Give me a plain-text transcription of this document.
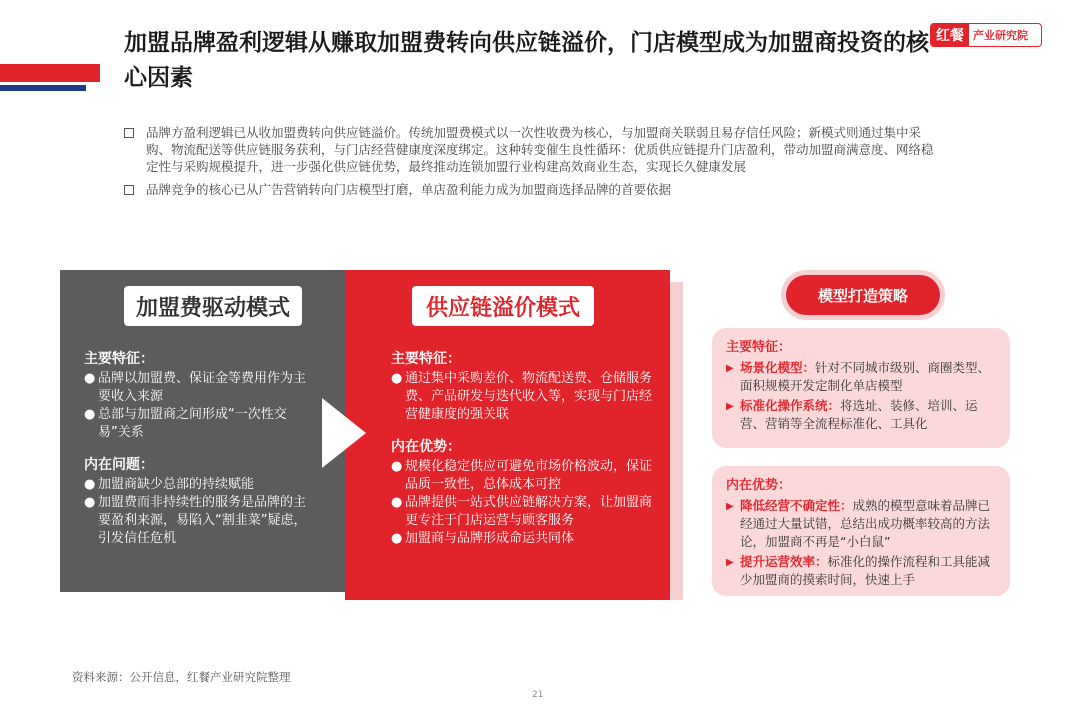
加盟品牌盈利逻辑从赚取加盟费转向供应链溢价，门店模型成为加盟商投资的核心因素
红餐 产业研究院
品牌方盈利逻辑已从收加盟费转向供应链溢价。传统加盟费模式以一次性收费为核心，与加盟商关联弱且易存信任风险；新模式则通过集中采购、物流配送等供应链服务获利，与门店经营健康度深度绑定。这种转变催生良性循环：优质供应链提升门店盈利，带动加盟商满意度、网络稳定性与采购规模提升，进一步强化供应链优势，最终推动连锁加盟行业构建高效商业生态，实现长久健康发展
品牌竞争的核心已从广告营销转向门店模型打磨，单店盈利能力成为加盟商选择品牌的首要依据
加盟费驱动模式	供应链溢价模式
主要特征：
● 品牌以加盟费、保证金等费用作为主要收入来源
● 总部与加盟商之间形成“一次性交易”关系
内在问题：
● 加盟商缺少总部的持续赋能
● 加盟费而非持续性的服务是品牌的主要盈利来源，易陷入“割韭菜”疑虑，引发信任危机
主要特征：
● 通过集中采购差价、物流配送费、仓储服务费、产品研发与迭代收入等，实现与门店经营健康度的强关联
内在优势：
● 规模化稳定供应可避免市场价格波动，保证品质一致性，总体成本可控
● 品牌提供一站式供应链解决方案，让加盟商更专注于门店运营与顾客服务
● 加盟商与品牌形成命运共同体
模型打造策略
主要特征：
▶ 场景化模型：针对不同城市级别、商圈类型、面积规模开发定制化单店模型
▶ 标准化操作系统：将选址、装修、培训、运营、营销等全流程标准化、工具化
内在优势：
▶ 降低经营不确定性：成熟的模型意味着品牌已经通过大量试错，总结出成功概率较高的方法论，加盟商不再是“小白鼠”
▶ 提升运营效率：标准化的操作流程和工具能减少加盟商的摸索时间，快速上手
资料来源：公开信息，红餐产业研究院整理
21
